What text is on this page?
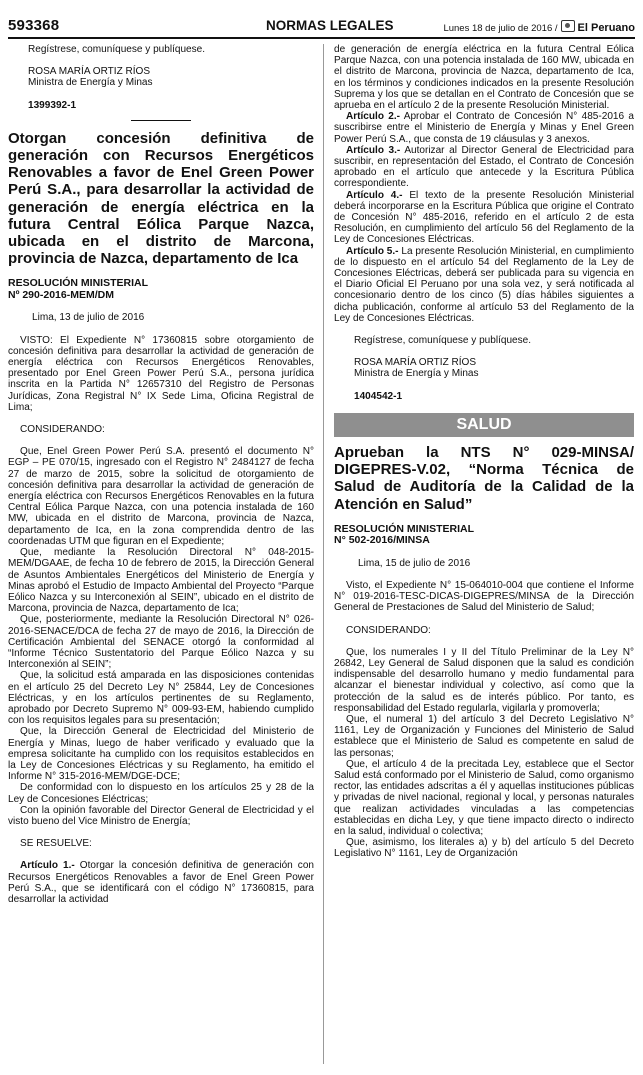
593368	NORMAS LEGALES	Lunes 18 de julio de 2016 / El Peruano

Regístrese, comuníquese y publíquese.

ROSA MARÍA ORTIZ RÍOS

Ministra de Energía y Minas

1399392-1

Otorgan concesión definitiva de generación con Recursos Energéticos Renovables a favor de Enel Green Power Perú S.A., para desarrollar la actividad de generación de energía eléctrica en la futura Central Eólica Parque Nazca, ubicada en el distrito de Marcona, provincia de Nazca, departamento de Ica

RESOLUCIÓN MINISTERIAL

Nº 290-2016-MEM/DM

Lima, 13 de julio de 2016

VISTO: El Expediente N° 17360815 sobre otorgamiento de concesión definitiva para desarrollar la actividad de generación de energía eléctrica con Recursos Energéticos Renovables, presentado por Enel Green Power Perú S.A., persona jurídica inscrita en la Partida N° 12657310 del Registro de Personas Jurídicas, Zona Registral N° IX Sede Lima, Oficina Registral de Lima;

CONSIDERANDO:

Que, Enel Green Power Perú S.A. presentó el documento N° EGP – PE 070/15, ingresado con el Registro N° 2484127 de fecha 27 de marzo de 2015, sobre la solicitud de otorgamiento de concesión definitiva para desarrollar la actividad de generación de energía eléctrica con Recursos Energéticos Renovables en la futura Central Eólica Parque Nazca, con una potencia instalada de 160 MW, ubicada en el distrito de Marcona, provincia de Nazca, departamento de Ica, en la zona comprendida dentro de las coordenadas UTM que figuran en el Expediente;

Que, mediante la Resolución Directoral N° 048-2015-MEM/DGAAE, de fecha 10 de febrero de 2015, la Dirección General de Asuntos Ambientales Energéticos del Ministerio de Energía y Minas aprobó el Estudio de Impacto Ambiental del Proyecto “Parque Eólico Nazca y su Interconexión al SEIN”, ubicado en el distrito de Marcona, provincia de Nazca, departamento de Ica;

Que, posteriormente, mediante la Resolución Directoral N° 026-2016-SENACE/DCA de fecha 27 de mayo de 2016, la Dirección de Certificación Ambiental del SENACE otorgó la conformidad al “Informe Técnico Sustentatorio del Parque Eólico Nazca y su Interconexión al SEIN”;

Que, la solicitud está amparada en las disposiciones contenidas en el artículo 25 del Decreto Ley N° 25844, Ley de Concesiones Eléctricas, y en los artículos pertinentes de su Reglamento, aprobado por Decreto Supremo N° 009-93-EM, habiendo cumplido con los requisitos legales para su presentación;

Que, la Dirección General de Electricidad del Ministerio de Energía y Minas, luego de haber verificado y evaluado que la empresa solicitante ha cumplido con los requisitos establecidos en la Ley de Concesiones Eléctricas y su Reglamento, ha emitido el Informe N° 315-2016-MEM/DGE-DCE;

De conformidad con lo dispuesto en los artículos 25 y 28 de la Ley de Concesiones Eléctricas;

Con la opinión favorable del Director General de Electricidad y el visto bueno del Vice Ministro de Energía;

SE RESUELVE:

Artículo 1.- Otorgar la concesión definitiva de generación con Recursos Energéticos Renovables a favor de Enel Green Power Perú S.A., que se identificará con el código N° 17360815, para desarrollar la actividad

de generación de energía eléctrica en la futura Central Eólica Parque Nazca, con una potencia instalada de 160 MW, ubicada en el distrito de Marcona, provincia de Nazca, departamento de Ica, en los términos y condiciones indicados en la presente Resolución Suprema y los que se detallan en el Contrato de Concesión que se aprueba en el artículo 2 de la presente Resolución Ministerial.

Artículo 2.- Aprobar el Contrato de Concesión N° 485-2016 a suscribirse entre el Ministerio de Energía y Minas y Enel Green Power Perú S.A., que consta de 19 cláusulas y 3 anexos.

Artículo 3.- Autorizar al Director General de Electricidad para suscribir, en representación del Estado, el Contrato de Concesión aprobado en el artículo que antecede y la Escritura Pública correspondiente.

Artículo 4.- El texto de la presente Resolución Ministerial deberá incorporarse en la Escritura Pública que origine el Contrato de Concesión N° 485-2016, referido en el artículo 2 de esta Resolución, en cumplimiento del artículo 56 del Reglamento de la Ley de Concesiones Eléctricas.

Artículo 5.- La presente Resolución Ministerial, en cumplimiento de lo dispuesto en el artículo 54 del Reglamento de la Ley de Concesiones Eléctricas, deberá ser publicada para su vigencia en el Diario Oficial El Peruano por una sola vez, y será notificada al concesionario dentro de los cinco (5) días hábiles siguientes a dicha publicación, conforme al artículo 53 del Reglamento de la Ley de Concesiones Eléctricas.

Regístrese, comuníquese y publíquese.

ROSA MARÍA ORTIZ RÍOS

Ministra de Energía y Minas

1404542-1

SALUD

Aprueban la NTS N° 029-MINSA/ DIGEPRES-V.02, “Norma Técnica de Salud de Auditoría de la Calidad de la Atención en Salud”

RESOLUCIÓN MINISTERIAL

N° 502-2016/MINSA

Lima, 15 de julio de 2016

Visto, el Expediente N° 15-064010-004 que contiene el Informe N° 019-2016-TESC-DICAS-DIGEPRES/MINSA de la Dirección General de Prestaciones de Salud del Ministerio de Salud;

CONSIDERANDO:

Que, los numerales I y II del Título Preliminar de la Ley N° 26842, Ley General de Salud disponen que la salud es condición indispensable del desarrollo humano y medio fundamental para alcanzar el bienestar individual y colectivo, así como que la protección de la salud es de interés público. Por tanto, es responsabilidad del Estado regularla, vigilarla y promoverla;

Que, el numeral 1) del artículo 3 del Decreto Legislativo N° 1161, Ley de Organización y Funciones del Ministerio de Salud establece que el Ministerio de Salud es competente en salud de las personas;

Que, el artículo 4 de la precitada Ley, establece que el Sector Salud está conformado por el Ministerio de Salud, como organismo rector, las entidades adscritas a él y aquellas instituciones públicas y privadas de nivel nacional, regional y local, y personas naturales que realizan actividades vinculadas a las competencias establecidas en dicha Ley, y que tiene impacto directo o indirecto en la salud, individual o colectiva;

Que, asimismo, los literales a) y b) del artículo 5 del Decreto Legislativo N° 1161, Ley de Organización
